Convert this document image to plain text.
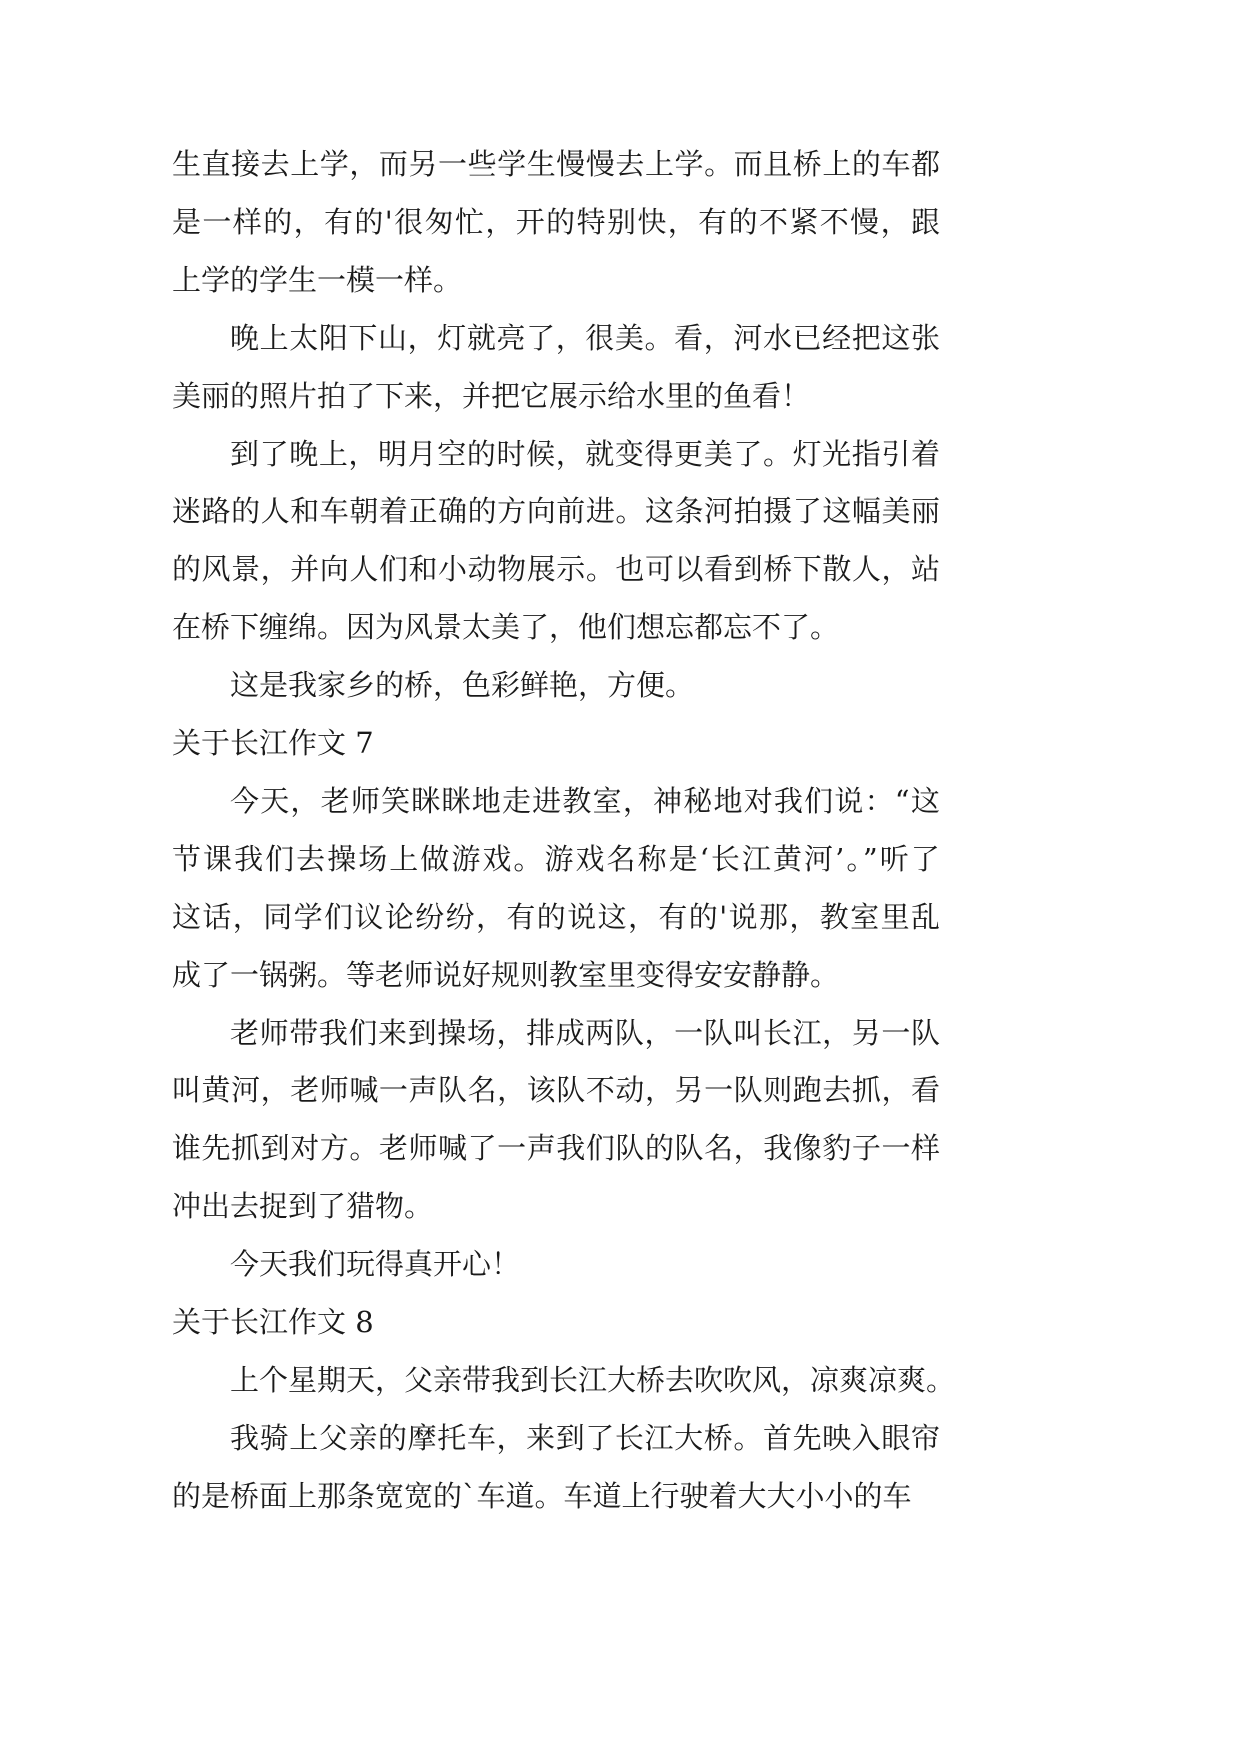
生直接去上学，而另一些学生慢慢去上学。而且桥上的车都
是一样的，有的'很匆忙，开的特别快，有的不紧不慢，跟
上学的学生一模一样。
晚上太阳下山，灯就亮了，很美。看，河水已经把这张
美丽的照片拍了下来，并把它展示给水里的鱼看！
到了晚上，明月空的时候，就变得更美了。灯光指引着
迷路的人和车朝着正确的方向前进。这条河拍摄了这幅美丽
的风景，并向人们和小动物展示。也可以看到桥下散人，站
在桥下缠绵。因为风景太美了，他们想忘都忘不了。
这是我家乡的桥，色彩鲜艳，方便。
关于长江作文 7
今天，老师笑眯眯地走进教室，神秘地对我们说：“这
节课我们去操场上做游戏。游戏名称是‘长江黄河’。”听了
这话，同学们议论纷纷，有的说这，有的'说那，教室里乱
成了一锅粥。等老师说好规则教室里变得安安静静。
老师带我们来到操场，排成两队，一队叫长江，另一队
叫黄河，老师喊一声队名，该队不动，另一队则跑去抓，看
谁先抓到对方。老师喊了一声我们队的队名，我像豹子一样
冲出去捉到了猎物。
今天我们玩得真开心！
关于长江作文 8
上个星期天，父亲带我到长江大桥去吹吹风，凉爽凉爽。
我骑上父亲的摩托车，来到了长江大桥。首先映入眼帘
的是桥面上那条宽宽的`车道。车道上行驶着大大小小的车
